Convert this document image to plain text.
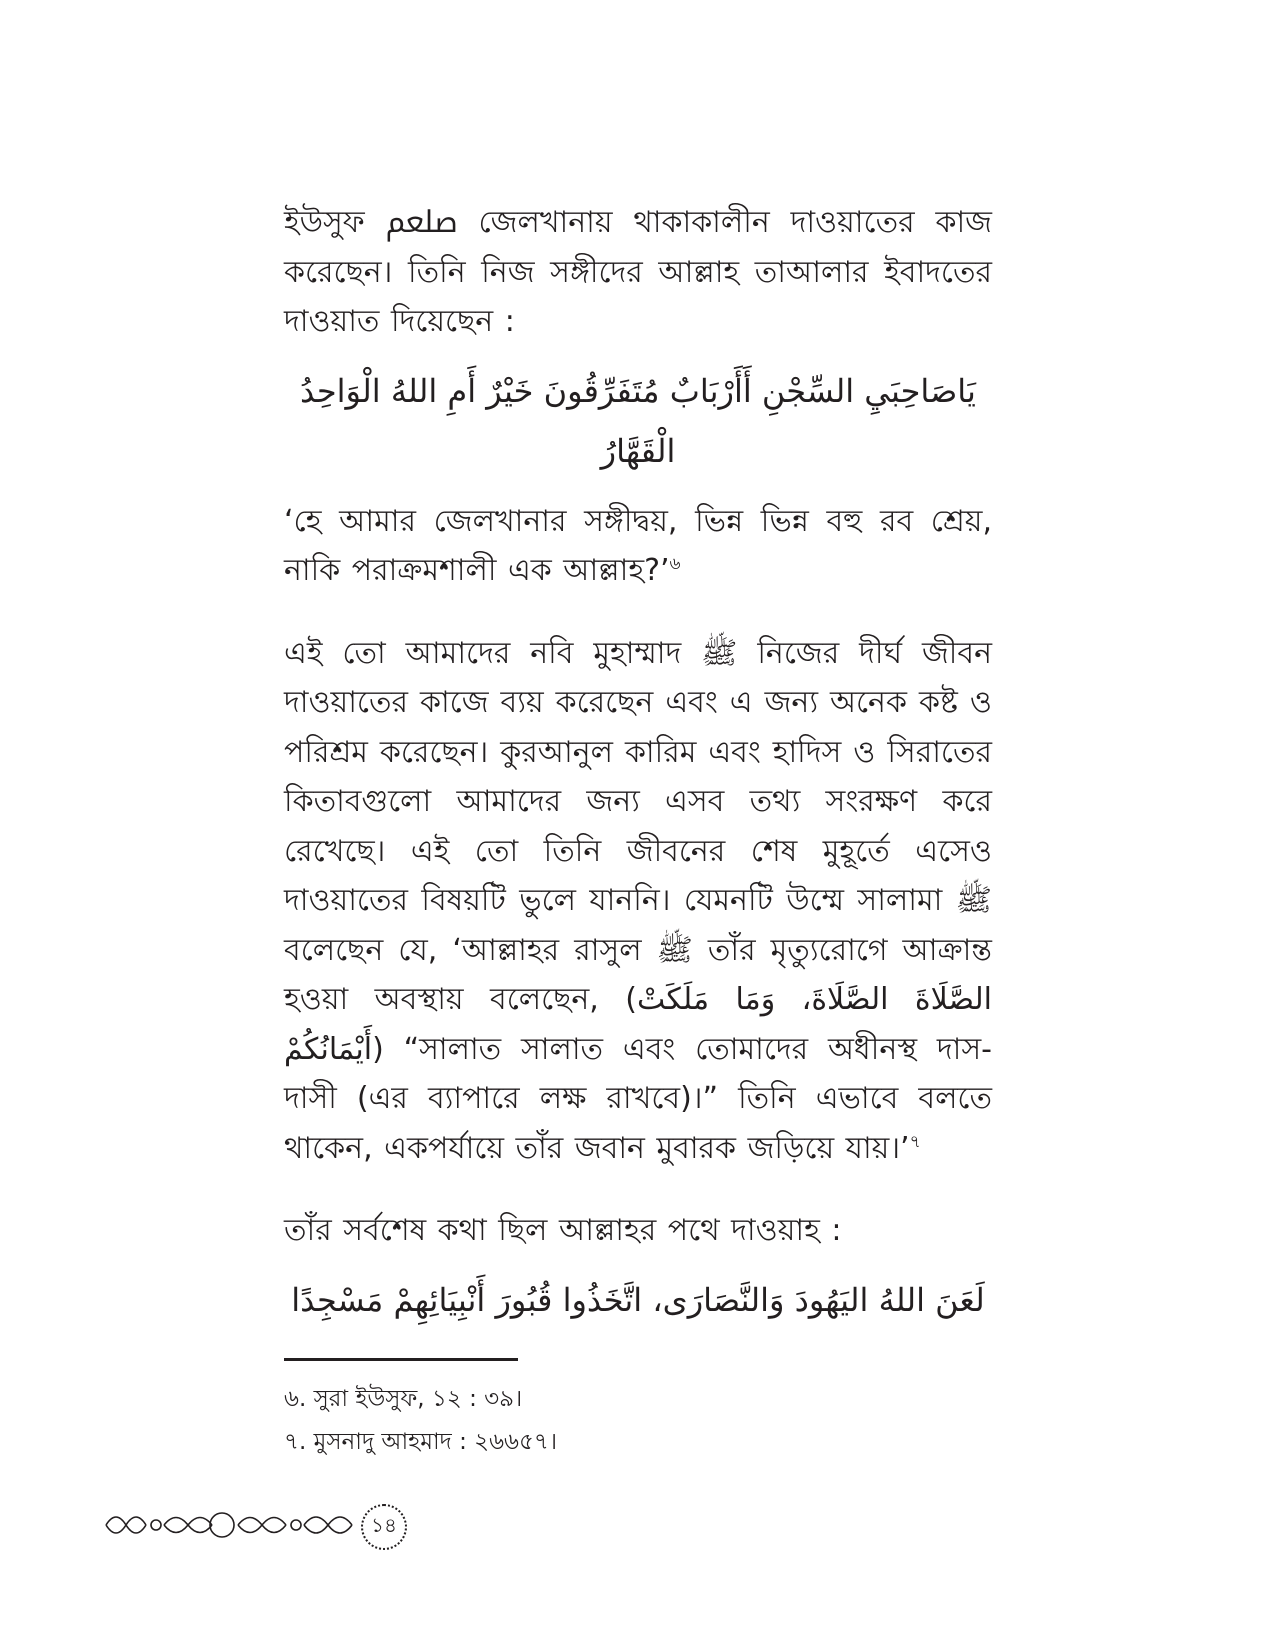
ইউসুফ ﷵ জেলখানায় থাকাকালীন দাওয়াতের কাজ করেছেন। তিনি নিজ সঙ্গীদের আল্লাহ তাআলার ইবাদতের দাওয়াত দিয়েছেন :

يَاصَاحِبَيِ السِّجْنِ أَأَرْبَابٌ مُتَفَرِّقُونَ خَيْرٌ أَمِ اللهُ الْوَاحِدُ الْقَهَّارُ

‘হে আমার জেলখানার সঙ্গীদ্বয়, ভিন্ন ভিন্ন বহু রব শ্রেয়, নাকি পরাক্রমশালী এক আল্লাহ?’$^৬$

এই তো আমাদের নবি মুহাম্মাদ ﷺ নিজের দীর্ঘ জীবন দাওয়াতের কাজে ব্যয় করেছেন এবং এ জন্য অনেক কষ্ট ও পরিশ্রম করেছেন। কুরআনুল কারিম এবং হাদিস ও সিরাতের কিতাবগুলো আমাদের জন্য এসব তথ্য সংরক্ষণ করে রেখেছে। এই তো তিনি জীবনের শেষ মুহূর্তে এসেও দাওয়াতের বিষয়টি ভুলে যাননি। যেমনটি উম্মে সালামা ﷺ বলেছেন যে, ‘আল্লাহর রাসুল ﷺ তাঁর মৃত্যুরোগে আক্রান্ত হওয়া অবস্থায় বলেছেন, (الصَّلَاةَ الصَّلَاةَ، وَمَا مَلَكَتْ أَيْمَانُكُمْ) “সালাত সালাত এবং তোমাদের অধীনস্থ দাস-দাসী (এর ব্যাপারে লক্ষ রাখবে)।” তিনি এভাবে বলতে থাকেন, একপর্যায়ে তাঁর জবান মুবারক জড়িয়ে যায়।’$^৭$

তাঁর সর্বশেষ কথা ছিল আল্লাহর পথে দাওয়াহ :

لَعَنَ اللهُ اليَهُودَ وَالنَّصَارَى، اتَّخَذُوا قُبُورَ أَنْبِيَائِهِمْ مَسْجِدًا

৬. সুরা ইউসুফ, ১২ : ৩৯।

৭. মুসনাদু আহমাদ : ২৬৬৫৭।

১৪
